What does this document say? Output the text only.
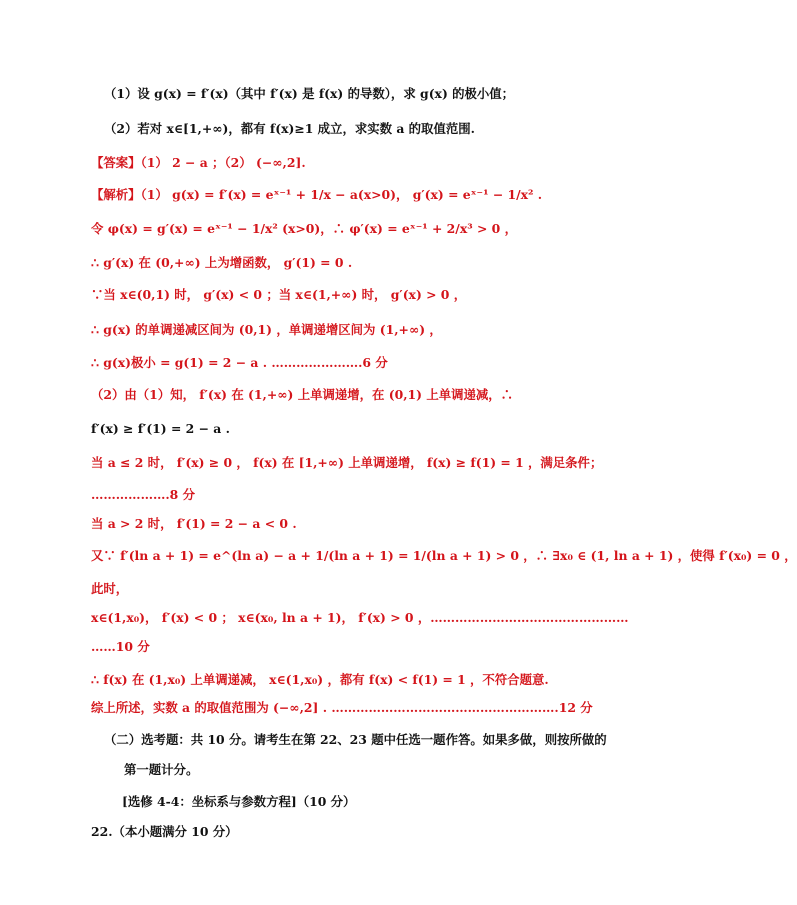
（1）设 g(x) = f′(x)（其中 f′(x) 是 f(x) 的导数），求 g(x) 的极小值；
（2）若对 x∈[1,+∞)，都有 f(x)≥1 成立，求实数 a 的取值范围.
【答案】（1） 2 − a ；（2） (−∞,2].
【解析】（1） g(x) = f′(x) = eˣ⁻¹ + 1/x − a(x>0)， g′(x) = eˣ⁻¹ − 1/x² .
令 φ(x) = g′(x) = eˣ⁻¹ − 1/x² (x>0)，∴ φ′(x) = eˣ⁻¹ + 2/x³ > 0 ，
∴ g′(x) 在 (0,+∞) 上为增函数， g′(1) = 0 .
∵当 x∈(0,1) 时， g′(x) < 0 ；当 x∈(1,+∞) 时， g′(x) > 0 ，
∴ g(x) 的单调递减区间为 (0,1) ，单调递增区间为 (1,+∞) ，
∴ g(x)极小 = g(1) = 2 − a . ………………….6 分
（2）由（1）知， f′(x) 在 (1,+∞) 上单调递增，在 (0,1) 上单调递减，∴
f′(x) ≥ f′(1) = 2 − a .
当 a ≤ 2 时， f′(x) ≥ 0 ， f(x) 在 [1,+∞) 上单调递增， f(x) ≥ f(1) = 1 ，满足条件；
……………….8 分
当 a > 2 时， f′(1) = 2 − a < 0 .
又∵ f′(ln a + 1) = e^(ln a) − a + 1/(ln a + 1) = 1/(ln a + 1) > 0 ，∴ ∃x₀ ∈ (1, ln a + 1) ，使得 f′(x₀) = 0 ，
此时，
x∈(1,x₀)， f′(x) < 0 ； x∈(x₀, ln a + 1)， f′(x) > 0 ，…………………………………………
……10 分
∴ f(x) 在 (1,x₀) 上单调递减， x∈(1,x₀) ，都有 f(x) < f(1) = 1 ，不符合题意.
综上所述，实数 a 的取值范围为 (−∞,2] . ……………………………………………….12 分
（二）选考题：共 10 分。请考生在第 22、23 题中任选一题作答。如果多做，则按所做的
第一题计分。
[选修 4-4：坐标系与参数方程]（10 分）
22.（本小题满分 10 分）
